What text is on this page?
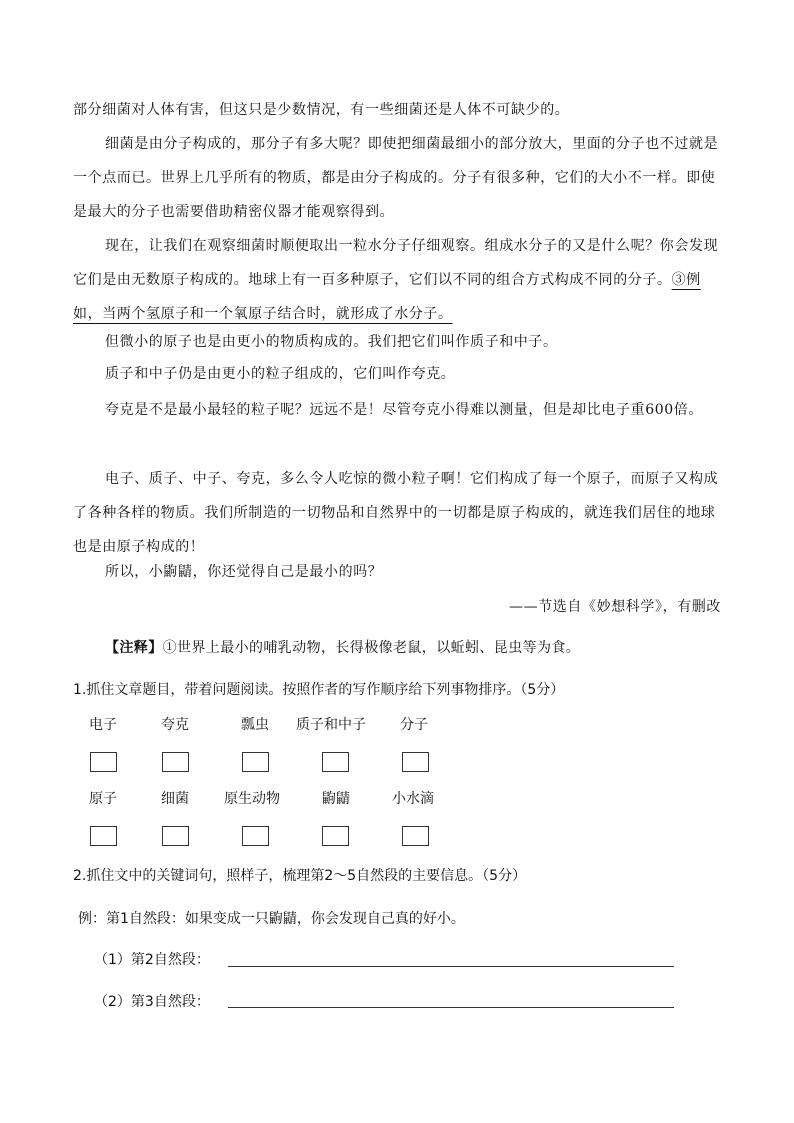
部分细菌对人体有害，但这只是少数情况，有一些细菌还是人体不可缺少的。

细菌是由分子构成的，那分子有多大呢？即使把细菌最细小的部分放大，里面的分子也不过就是一个点而已。世界上几乎所有的物质，都是由分子构成的。分子有很多种，它们的大小不一样。即使是最大的分子也需要借助精密仪器才能观察得到。

现在，让我们在观察细菌时顺便取出一粒水分子仔细观察。组成水分子的又是什么呢？你会发现它们是由无数原子构成的。地球上有一百多种原子，它们以不同的组合方式构成不同的分子。③例如，当两个氢原子和一个氧原子结合时，就形成了水分子。

但微小的原子也是由更小的物质构成的。我们把它们叫作质子和中子。

质子和中子仍是由更小的粒子组成的，它们叫作夸克。

夸克是不是最小最轻的粒子呢？远远不是！尽管夸克小得难以测量，但是却比电子重600倍。

电子、质子、中子、夸克，多么令人吃惊的微小粒子啊！它们构成了每一个原子，而原子又构成了各种各样的物质。我们所制造的一切物品和自然界中的一切都是原子构成的，就连我们居住的地球也是由原子构成的！

所以，小鼩鼱，你还觉得自己是最小的吗？

——节选自《妙想科学》，有删改
【注释】①世界上最小的哺乳动物，长得极像老鼠，以蚯蚓、昆虫等为食。
1.抓住文章题目，带着问题阅读。按照作者的写作顺序给下列事物排序。（5分）
电子	夸克	瓢虫 质子和中子 分子
原子	细菌	原生动物	鼩鼱	小水滴
2.抓住文中的关键词句，照样子，梳理第2～5自然段的主要信息。（5分）
例：第1自然段：如果变成一只鼩鼱，你会发现自己真的好小。
（1）第2自然段：
（2）第3自然段：
